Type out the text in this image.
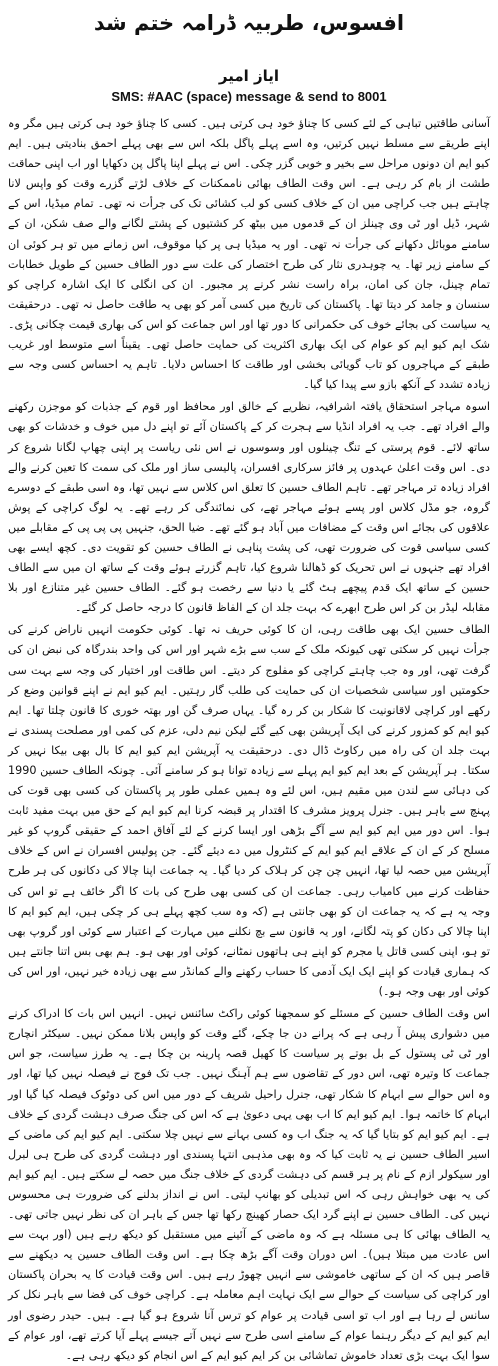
افسوس، طربیہ ڈرامہ ختم شد
ایاز امیر
SMS: #AAC (space) message & send to 8001

آسانی طاقتیں تباہی کے لئے کسی کا چناؤ خود ہی کرتی ہیں۔ کسی کا چناؤ خود ہی کرتی ہیں مگر وہ اپنے طریقے سے مسلط نہیں کرتیں، وہ اسے پہلے پاگل بلکہ اس سے بھی پہلے احمق بنادیتی ہیں۔ ایم کیو ایم ان دونوں مراحل سے بخیر و خوبی گزر چکی۔ اس نے پہلے اپنا پاگل پن دکھایا اور اب اپنی حماقت طشت از بام کر رہی ہے۔ اس وقت الطاف بھائی ناممکنات کے خلاف لڑتے گزرے وقت کو واپس لانا چاہتے ہیں جب کراچی میں ان کے خلاف کسی کو لب کشائی تک کی جرأت نہ تھی۔ تمام میڈیا، اس کے شہر، ڈیل اور ٹی وی چینلز ان کے قدموں میں بیٹھ کر کشتیوں کے پشتے لگانے والے صف شکن، ان کے سامنے موبائل دکھانے کی جرأت نہ تھی۔ اور یہ میڈیا ہی پر کیا موقوف، اس زمانے میں تو ہر کوئی ان کے سامنے زیر تھا۔ یہ چوہدری نثار کی طرح اختصار کی علت سے دور الطاف حسین کے طویل خطابات تمام چینل، جان کی امان، براہ راست نشر کرنے پر مجبور۔ ان کی انگلی کا ایک اشارہ کراچی کو سنسان و جامد کر دیتا تھا۔ پاکستان کی تاریخ میں کسی آمر کو بھی یہ طاقت حاصل نہ تھی۔ درحقیقت یہ سیاست کی بجائے خوف کی حکمرانی کا دور تھا اور اس جماعت کو اس کی بھاری قیمت چکانی پڑی۔ شک ایم کیو ایم کو عوام کی ایک بھاری اکثریت کی حمایت حاصل تھی۔ یقیناً اسے متوسط اور غریب طبقے کے مہاجروں کو تاب گویائی بخشی اور طاقت کا احساس دلایا۔ تاہم یہ احساس کسی وجہ سے زیادہ تشدد کے آنکھ بازو سے پیدا کیا گیا۔

اسوہ مہاجر استحقاق یافتہ اشرافیہ، نظریے کے خالق اور محافظ اور قوم کے جذبات کو موجزن رکھنے والے افراد تھے۔ جب یہ افراد انڈیا سے ہجرت کر کے پاکستان آئے تو اپنے دل میں خوف و خدشات کو بھی ساتھ لائے۔ قوم پرستی کے تنگ چینلوں اور وسوسوں نے اس نئی ریاست پر اپنی چھاپ لگانا شروع کر دی۔ اس وقت اعلیٰ عہدوں پر فائز سرکاری افسران، پالیسی ساز اور ملک کی سمت کا تعین کرنے والے افراد زیادہ تر مہاجر تھے۔ تاہم الطاف حسین کا تعلق اس کلاس سے نہیں تھا، وہ اسی طبقے کے دوسرے گروہ، جو مڈل کلاس اور پسے ہوئے مہاجر تھے، کی نمائندگی کر رہے تھے۔ یہ لوگ کراچی کے پوش علاقوں کی بجائے اس وقت کے مضافات میں آباد ہو گئے تھے۔ ضیا الحق، جنہیں پی پی پی کے مقابلے میں کسی سیاسی قوت کی ضرورت تھی، کی پشت پناہی نے الطاف حسین کو تقویت دی۔ کچھ ایسے بھی افراد تھے جنہوں نے اس تحریک کو ڈھالنا شروع کیا، تاہم گزرتے ہوئے وقت کے ساتھ ان میں سے الطاف حسین کے ساتھ ایک قدم پیچھے ہٹ گئے یا دنیا سے رخصت ہو گئے۔ الطاف حسین غیر متنازع اور بلا مقابلہ لیڈر بن کر اس طرح ابھرے کہ بہت جلد ان کے الفاظ قانون کا درجہ حاصل کر گئے۔

الطاف حسین ایک بھی طاقت رہی، ان کا کوئی حریف نہ تھا۔ کوئی حکومت انہیں ناراض کرنے کی جرأت نہیں کر سکتی تھی کیونکہ ملک کے سب سے بڑے شہر اور اس کی واحد بندرگاہ کی نبض ان کی گرفت تھی، اور وہ جب چاہتے کراچی کو مفلوج کر دیتے۔ اس طاقت اور اختیار کی وجہ سے بہت سی حکومتیں اور سیاسی شخصیات ان کی حمایت کی طلب گار رہتیں۔ ایم کیو ایم نے اپنے قوانین وضع کر رکھے اور کراچی لاقانونیت کا شکار بن کر رہ گیا۔ یہاں صرف گن اور بھتہ خوری کا قانون چلتا تھا۔ ایم کیو ایم کو کمزور کرنے کی ایک آپریشن بھی کیے گئے لیکن نیم دلی، عزم کی کمی اور مصلحت پسندی نے بہت جلد ان کی راہ میں رکاوٹ ڈال دی۔ درحقیقت یہ آپریشن ایم کیو ایم کا بال بھی بیکا نہیں کر سکتا۔ ہر آپریشن کے بعد ایم کیو ایم پہلے سے زیادہ توانا ہو کر سامنے آئی۔ چونکہ الطاف حسین 1990 کی دہائی سے لندن میں مقیم ہیں، اس لئے وہ ہمیں عملی طور پر پاکستان کی کسی بھی قوت کی پہنچ سے باہر ہیں۔ جنرل پرویز مشرف کا اقتدار پر قبضہ کرنا ایم کیو ایم کے حق میں بہت مفید ثابت ہوا۔ اس دور میں ایم کیو ایم سے آگے بڑھی اور ایسا کرنے کے لئے آفاق احمد کے حقیقی گروپ کو غیر مسلح کر کے ان کے علاقے ایم کیو ایم کے کنٹرول میں دے دیئے گئے۔ جن پولیس افسران نے اس کے خلاف آپریشن میں حصہ لیا تھا، انہیں چن چن کر ہلاک کر دیا گیا۔ یہ جماعت اپنا چالا کی دکانوں کی ہر طرح حفاظت کرنے میں کامیاب رہی۔ جماعت ان کی کسی بھی طرح کی بات کا اگر خائف ہے تو اس کی وجہ یہ ہے کہ یہ جماعت ان کو بھی جانتی ہے (کہ وہ سب کچھ پہلے ہی کر چکی ہیں، ایم کیو ایم کا اپنا چالا کی دکان کو پتہ لگانے، اور یہ قانون سے بچ نکلنے میں مہارت کے اعتبار سے کوئی اور گروپ بھی تو ہو، اپنی کسی قاتل یا مجرم کو اپنے ہی ہاتھوں نمٹانے، کوئی اور بھی ہو۔ ہم بھی بس اتنا جانتے ہیں کہ ہماری قیادت کو اپنے ایک ایک آدمی کا حساب رکھنے والے کمانڈر سے بھی زیادہ خیر نہیں، اور اس کی کوئی اور بھی وجہ ہو۔)

اس وقت الطاف حسین کے مسئلے کو سمجھنا کوئی راکٹ سائنس نہیں۔ انہیں اس بات کا ادراک کرنے میں دشواری پیش آ رہی ہے کہ پرانے دن جا چکے، گئے وقت کو واپس بلانا ممکن نہیں۔ سیکٹر انچارج اور ٹی ٹی پستول کے بل بوتے پر سیاست کا کھیل قصہ پارینہ بن چکا ہے۔ یہ طرز سیاست، جو اس جماعت کا وتیرہ تھی، اس دور کے تقاضوں سے ہم آہنگ نہیں۔ جب تک فوج نے فیصلہ نہیں کیا تھا، اور وہ اس حوالے سے ابہام کا شکار تھی، جنرل راحیل شریف کے دور میں اس کی دوٹوک فیصلہ کیا گیا اور ابہام کا خاتمہ ہوا۔ ایم کیو ایم کا اب بھی یہی دعویٰ ہے کہ اس کی جنگ صرف دہشت گردی کے خلاف ہے۔ ایم کیو ایم کو بتایا گیا کہ یہ جنگ اب وہ کسی بہانے سے نہیں چلا سکتی۔ ایم کیو ایم کی ماضی کے اسیر الطاف حسین نے یہ ثابت کیا کہ وہ بھی مذہبی انتہا پسندی اور دہشت گردی کی طرح ہی لبرل اور سیکولر ازم کے نام پر ہر قسم کی دہشت گردی کے خلاف جنگ میں حصہ لے سکتے ہیں۔ ایم کیو ایم کی یہ بھی خواہش رہی کہ اس تبدیلی کو بھانپ لیتی۔ اس نے انداز بدلنے کی ضرورت ہی محسوس نہیں کی۔ الطاف حسین نے اپنے گرد ایک حصار کھینچ رکھا تھا جس کے باہر ان کی نظر نہیں جاتی تھی۔ یہ الطاف بھائی کا ہی مسئلہ ہے کہ وہ ماضی کے آئینے میں مستقبل کو دیکھ رہے ہیں (اور بہت سے اس عادت میں مبتلا ہیں)۔ اس دوران وقت آگے بڑھ چکا ہے۔ اس وقت الطاف حسین یہ دیکھنے سے قاصر ہیں کہ ان کے ساتھی خاموشی سے انہیں چھوڑ رہے ہیں۔ اس وقت قیادت کا یہ بحران پاکستان اور کراچی کی سیاست کے حوالے سے ایک نہایت اہم معاملہ ہے۔ کراچی خوف کی فضا سے باہر نکل کر سانس لے رہا ہے اور اب تو اسی قیادت پر عوام کو ترس آنا شروع ہو گیا ہے۔ ہیں۔ حیدر رضوی اور ایم کیو ایم کے دیگر رہنما عوام کے سامنے اسی طرح سے نہیں آتے جیسے پہلے آیا کرتے تھے، اور عوام کے سوا ایک بہت بڑی تعداد خاموش تماشائی بن کر ایم کیو ایم کے اس انجام کو دیکھ رہی ہے۔
